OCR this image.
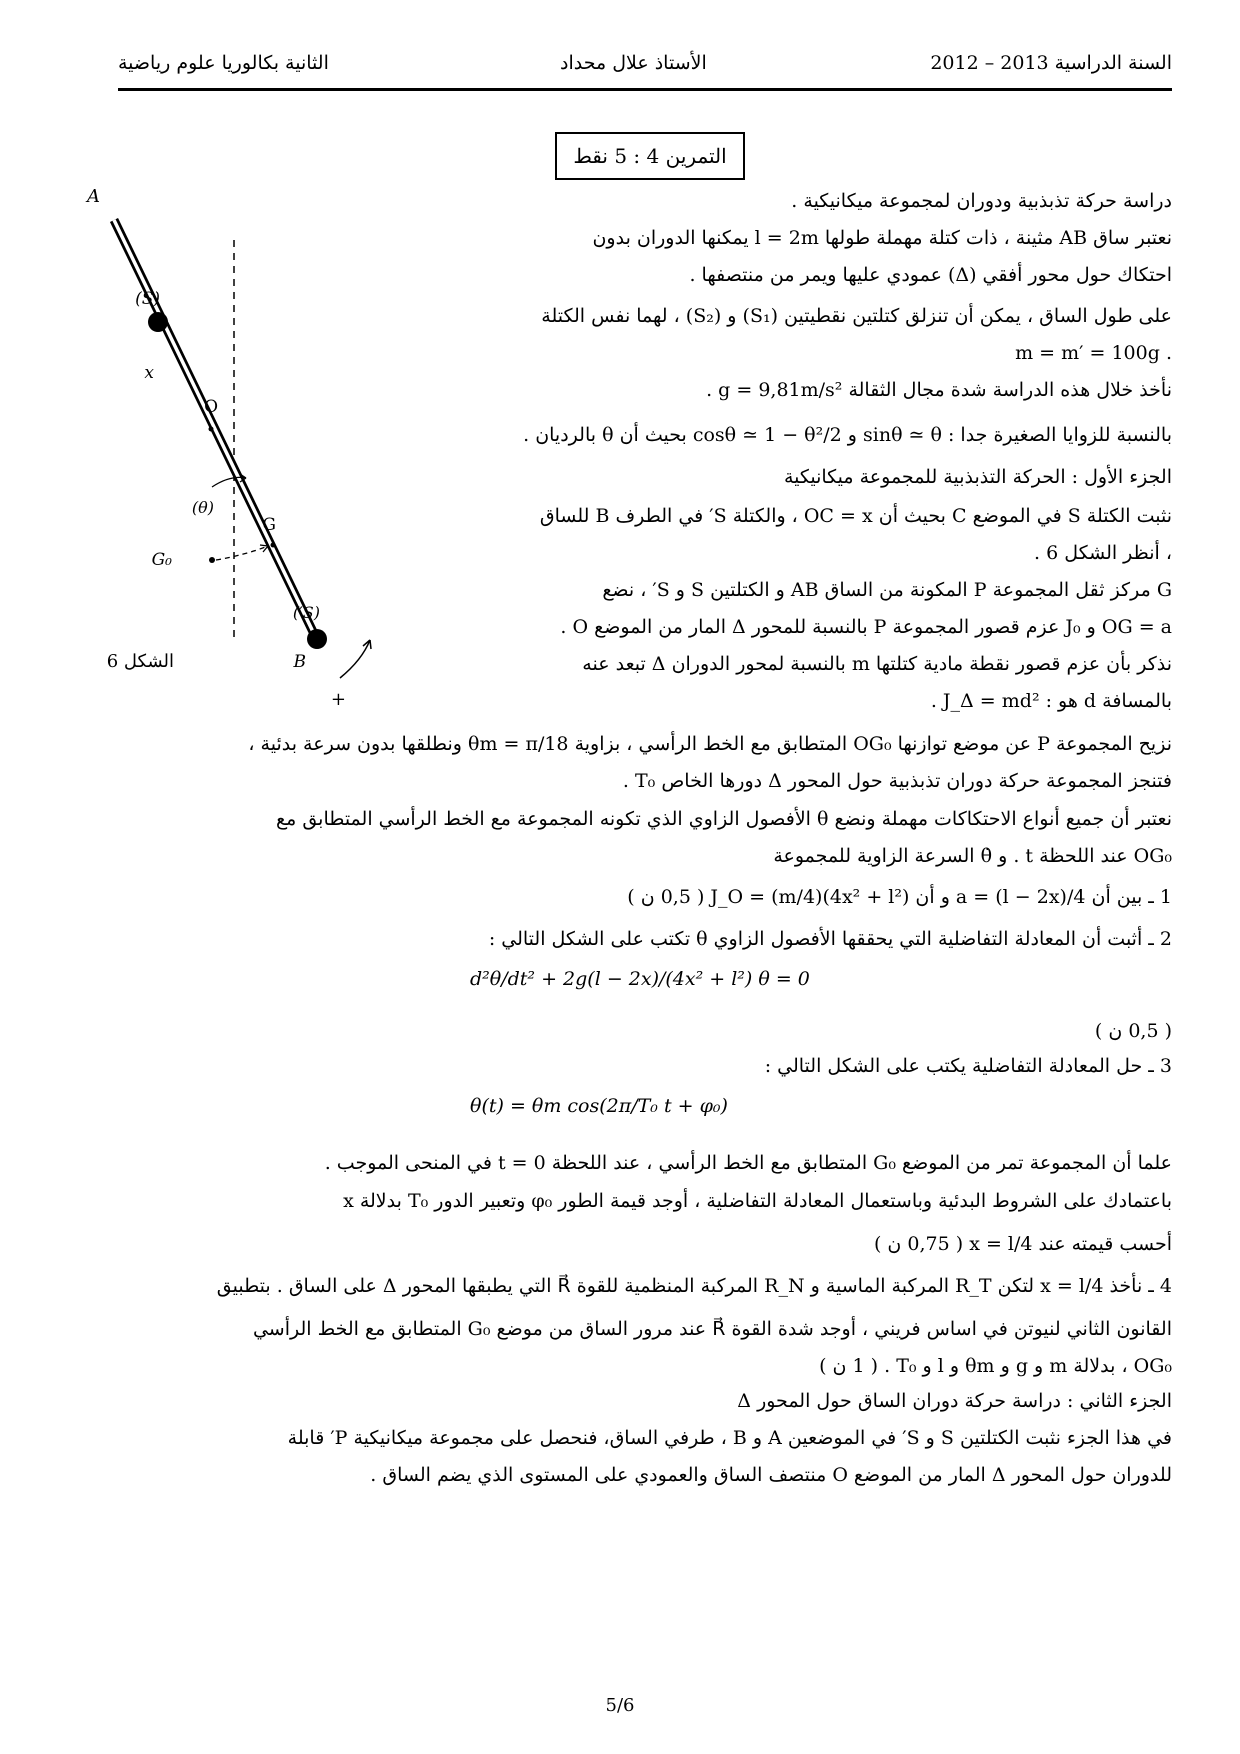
السنة الدراسية 2013 – 2012
الأستاذ علال محداد
الثانية بكالوريا علوم رياضية
التمرين 4 : 5 نقط
A
(S)
x
O
(θ)
G
G₀
(S′)
الشكل 6	B
+
دراسة حركة تذبذبية ودوران لمجموعة ميكانيكية .
نعتبر ساق AB مثينة ، ذات كتلة مهملة طولها l = 2m يمكنها الدوران بدون
احتكاك حول محور أفقي (Δ) عمودي عليها ويمر من منتصفها .
على طول الساق ، يمكن أن تنزلق كتلتين نقطيتين (S₁) و (S₂) ، لهما نفس الكتلة
. m = m′ = 100g
نأخذ خلال هذه الدراسة شدة مجال الثقالة g = 9,81m/s² .
بالنسبة للزوايا الصغيرة جدا : sinθ ≃ θ و cosθ ≃ 1 − θ²/2 بحيث أن θ بالرديان .
الجزء الأول : الحركة التذبذبية للمجموعة ميكانيكية
نثبت الكتلة S في الموضع C بحيث أن OC = x ، والكتلة S′ في الطرف B للساق
، أنظر الشكل 6 .
G مركز ثقل المجموعة P المكونة من الساق AB و الكتلتين S و S′ ، نضع
OG = a و J₀ عزم قصور المجموعة P بالنسبة للمحور Δ المار من الموضع O .
نذكر بأن عزم قصور نقطة مادية كتلتها m بالنسبة لمحور الدوران Δ تبعد عنه
بالمسافة d هو : J_Δ = md² .
نزيح المجموعة P عن موضع توازنها OG₀ المتطابق مع الخط الرأسي ، بزاوية θm = π/18 ونطلقها بدون سرعة بدئية ،
فتنجز المجموعة حركة دوران تذبذبية حول المحور Δ دورها الخاص T₀ .
نعتبر أن جميع أنواع الاحتكاكات مهملة ونضع θ الأفصول الزاوي الذي تكونه المجموعة مع الخط الرأسي المتطابق مع
OG₀ عند اللحظة t . و θ̇ السرعة الزاوية للمجموعة
1 ـ بين أن a = (l − 2x)/4 و أن J_O = (m/4)(4x² + l²) ( 0,5 ن )
2 ـ أثبت أن المعادلة التفاضلية التي يحققها الأفصول الزاوي θ تكتب على الشكل التالي :
d²θ/dt² + 2g(l − 2x)/(4x² + l²) θ = 0
( 0,5 ن )
3 ـ حل المعادلة التفاضلية يكتب على الشكل التالي :
θ(t) = θm cos(2π/T₀ t + φ₀)
علما أن المجموعة تمر من الموضع G₀ المتطابق مع الخط الرأسي ، عند اللحظة t = 0 في المنحى الموجب .
باعتمادك على الشروط البدئية وباستعمال المعادلة التفاضلية ، أوجد قيمة الطور φ₀ وتعبير الدور T₀ بدلالة x
أحسب قيمته عند x = l/4 ( 0,75 ن )
4 ـ نأخذ x = l/4 لتكن R_T المركبة الماسية و R_N المركبة المنظمية للقوة R⃗ التي يطبقها المحور Δ على الساق . بتطبيق
القانون الثاني لنيوتن في اساس فريني ، أوجد شدة القوة R⃗ عند مرور الساق من موضع G₀ المتطابق مع الخط الرأسي
OG₀ ، بدلالة m و g و θm و l و T₀ . ( 1 ن )
الجزء الثاني : دراسة حركة دوران الساق حول المحور Δ
في هذا الجزء نثبت الكتلتين S و S′ في الموضعين A و B ، طرفي الساق، فنحصل على مجموعة ميكانيكية P′ قابلة
للدوران حول المحور Δ المار من الموضع O منتصف الساق والعمودي على المستوى الذي يضم الساق .
5/6
